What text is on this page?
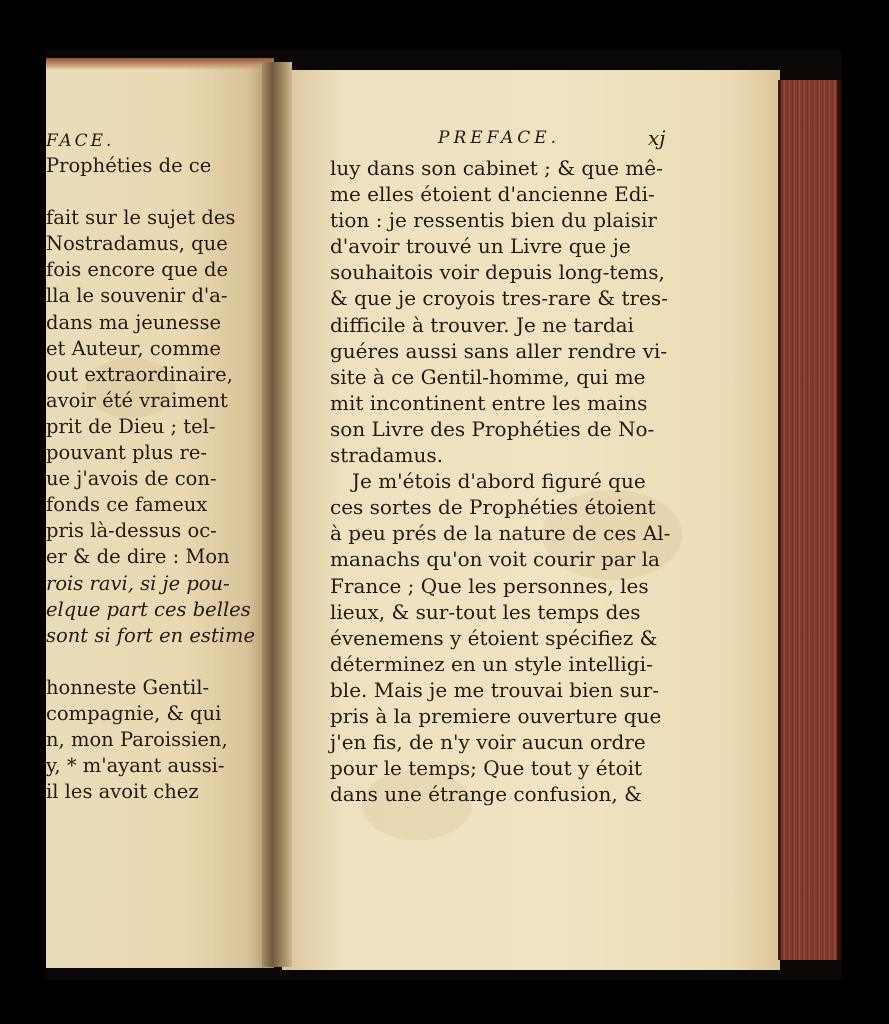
FACE.
Prophéties de ce
fait sur le sujet des
Nostradamus, que
fois encore que de
lla le souvenir d'a-
dans ma jeunesse
et Auteur, comme
out extraordinaire,
avoir été vraiment
prit de Dieu ; tel-
pouvant plus re-
ue j'avois de con-
fonds ce fameux
pris là-dessus oc-
er & de dire : Mon
rois ravi, si je pou-
elque part ces belles
sont si fort en estime
honneste Gentil-
compagnie, & qui
n, mon Paroissien,
y, * m'ayant aussi-
il les avoit chez
PREFACE.	xj
luy dans son cabinet ; & que mê-
me elles étoient d'ancienne Edi-
tion : je ressentis bien du plaisir
d'avoir trouvé un Livre que je
souhaitois voir depuis long-tems,
& que je croyois tres-rare & tres-
difficile à trouver. Je ne tardai
guéres aussi sans aller rendre vi-
site à ce Gentil-homme, qui me
mit incontinent entre les mains
son Livre des Prophéties de No-
stradamus.
Je m'étois d'abord figuré que
ces sortes de Prophéties étoient
à peu prés de la nature de ces Al-
manachs qu'on voit courir par la
France ; Que les personnes, les
lieux, & sur-tout les temps des
évenemens y étoient spécifiez &
déterminez en un style intelligi-
ble. Mais je me trouvai bien sur-
pris à la premiere ouverture que
j'en fis, de n'y voir aucun ordre
pour le temps; Que tout y étoit
dans une étrange confusion, &
